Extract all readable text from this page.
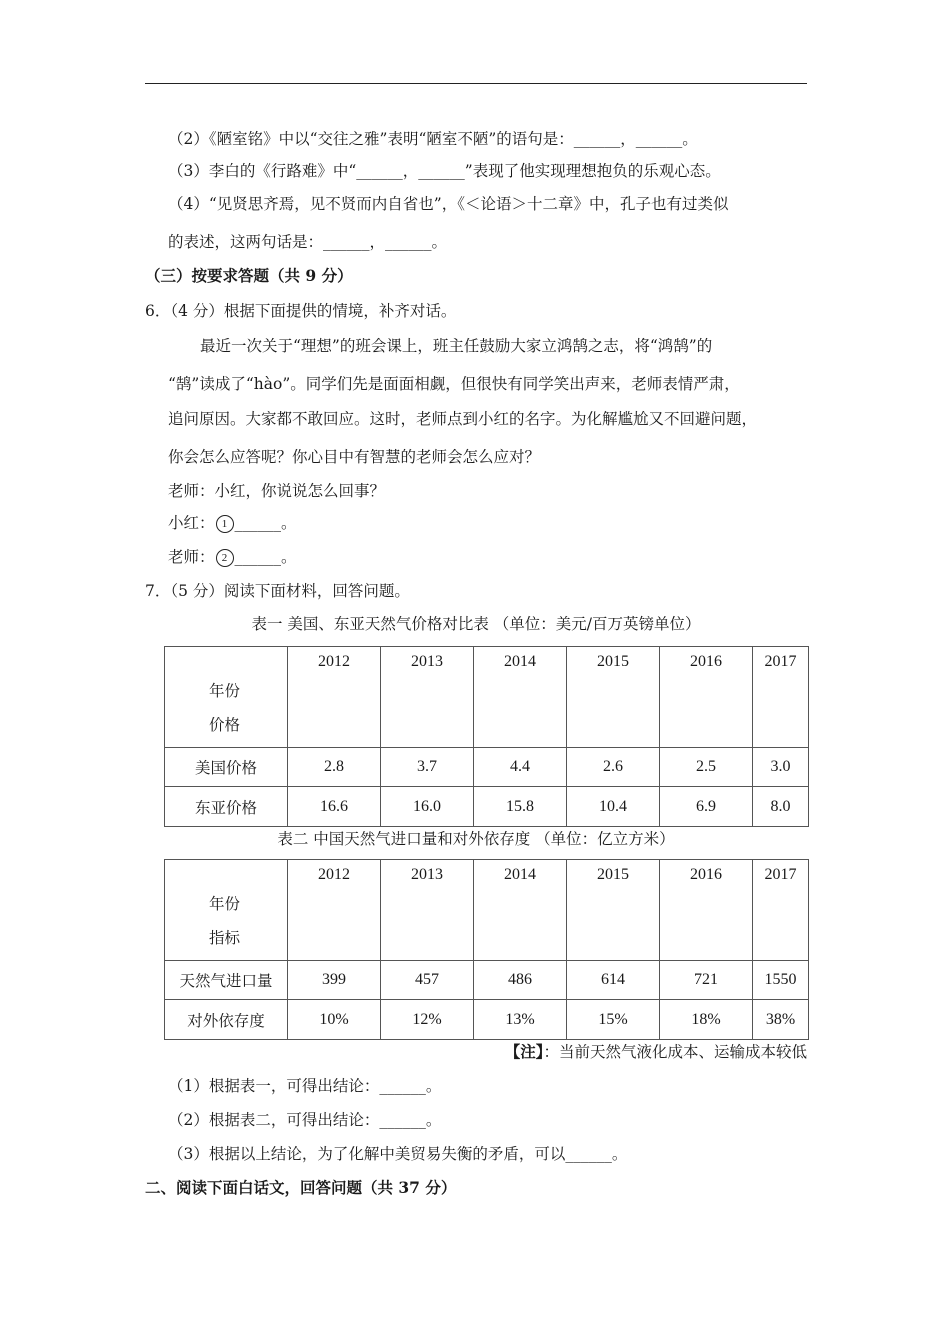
（2）《陋室铭》中以“交往之雅”表明“陋室不陋”的语句是：______，______。
（3）李白的《行路难》中“______，______”表现了他实现理想抱负的乐观心态。
（4）“见贤思齐焉，见不贤而内自省也”，《＜论语＞十二章》中，孔子也有过类似
的表述，这两句话是：______，______。
（三）按要求答题（共 9 分）
6．（4 分）根据下面提供的情境，补齐对话。
最近一次关于“理想”的班会课上，班主任鼓励大家立鸿鹄之志，将“鸿鹄”的
“鹄”读成了“hào”。同学们先是面面相觑，但很快有同学笑出声来，老师表情严肃，
追问原因。大家都不敢回应。这时，老师点到小红的名字。为化解尴尬又不回避问题，
你会怎么应答呢？你心目中有智慧的老师会怎么应对？
老师：小红，你说说怎么回事？
小红： 1 ______。
老师： 2 ______。
7．（5 分）阅读下面材料，回答问题。
表一 美国、东亚天然气价格对比表 （单位：美元/百万英镑单位）
年份
价格	2012	2013	2014	2015	2016	2017
美国价格	2.8	3.7	4.4	2.6	2.5	3.0
东亚价格	16.6	16.0	15.8	10.4	6.9	8.0
表二 中国天然气进口量和对外依存度 （单位：亿立方米）
年份
指标	2012	2013	2014	2015	2016	2017
天然气进口量	399	457	486	614	721	1550
对外依存度	10%	12%	13%	15%	18%	38%
【注】：当前天然气液化成本、运输成本较低
（1）根据表一，可得出结论：______。
（2）根据表二，可得出结论：______。
（3）根据以上结论，为了化解中美贸易失衡的矛盾，可以______。
二、阅读下面白话文，回答问题（共 37 分）
